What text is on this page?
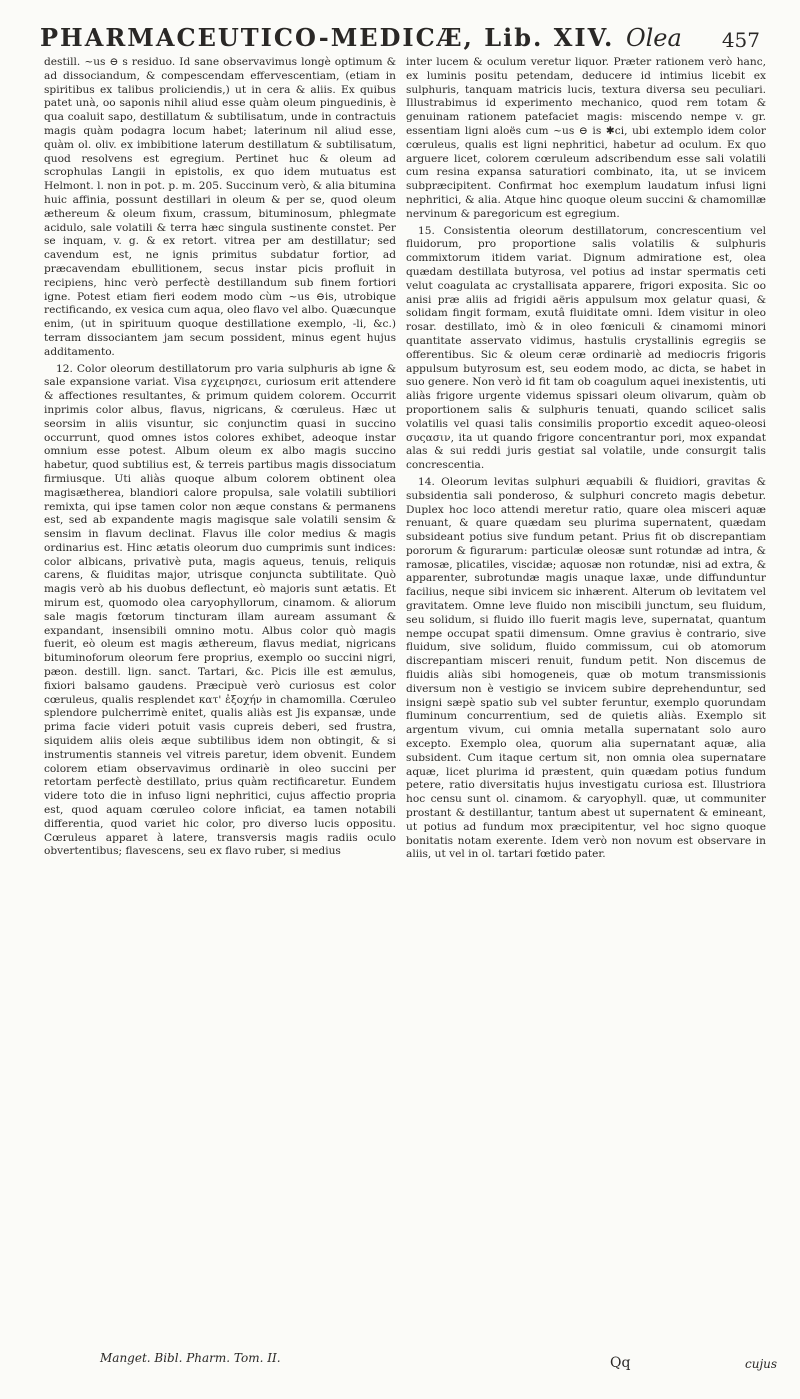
PHARMACEUTICO-MEDICÆ, Lib. XIV. Olea 457

destill. ~us ⊖ s residuo. Id sane observavimus longè optimum & ad dissociandum, & compescendam effervescentiam, (etiam in spiritibus ex talibus proliciendis,) ut in cera & aliis. Ex quibus patet unà, oo saponis nihil aliud esse quàm oleum pinguedinis, è qua coaluit sapo, destillatum & subtilisatum, unde in contractuis magis quàm podagra locum habet; laterinum nil aliud esse, quàm ol. oliv. ex imbibitione laterum destillatum & subtilisatum, quod resolvens est egregium. Pertinet huc & oleum ad scrophulas Langii in epistolis, ex quo idem mutuatus est Helmont. l. non in pot. p. m. 205. Succinum verò, & alia bitumina huic affinia, possunt destillari in oleum & per se, quod oleum æthereum & oleum fixum, crassum, bituminosum, phlegmate acidulo, sale volatili & terra hæc singula sustinente constet. Per se inquam, v. g. & ex retort. vitrea per am destillatur; sed cavendum est, ne ignis primitus subdatur fortior, ad præcavendam ebullitionem, secus instar picis profluit in recipiens, hinc verò perfectè destillandum sub finem fortiori igne. Potest etiam fieri eodem modo cùm ~us ⊖is, utrobique rectificando, ex vesica cum aqua, oleo flavo vel albo. Quæcunque enim, (ut in spirituum quoque destillatione exemplo, -li, &c.) terram dissociantem jam secum possident, minus egent hujus additamento.

12. Color oleorum destillatorum pro varia sulphuris ab igne & sale expansione variat. Visa εγχειρησει, curiosum erit attendere & affectiones resultantes, & primum quidem colorem. Occurrit inprimis color albus, flavus, nigricans, & cœruleus. Hæc ut seorsim in aliis visuntur, sic conjunctim quasi in succino occurrunt, quod omnes istos colores exhibet, adeoque instar omnium esse potest. Album oleum ex albo magis succino habetur, quod subtilius est, & terreis partibus magis dissociatum firmiusque. Uti aliàs quoque album colorem obtinent olea magisætherea, blandiori calore propulsa, sale volatili subtiliori remixta, qui ipse tamen color non æque constans & permanens est, sed ab expandente magis magisque sale volatili sensim & sensim in flavum declinat. Flavus ille color medius & magis ordinarius est. Hinc ætatis oleorum duo cumprimis sunt indices: color albicans, privativè puta, magis aqueus, tenuis, reliquis carens, & fluiditas major, utrisque conjuncta subtilitate. Quò magis verò ab his duobus deflectunt, eò majoris sunt ætatis. Et mirum est, quomodo olea caryophyllorum, cinamom. & aliorum sale magis fœtorum tincturam illam auream assumant & expandant, insensibili omnino motu. Albus color quò magis fuerit, eò oleum est magis æthereum, flavus mediat, nigricans bituminoforum oleorum fere proprius, exemplo oo succini nigri, pæon. destill. lign. sanct. Tartari, &c. Picis ille est æmulus, fixiori balsamo gaudens. Præcipuè verò curiosus est color cœruleus, qualis resplendet κατ' ἐξοχήν in chamomilla. Cœruleo splendore pulcherrimè enitet, qualis aliàs est Jis expansæ, unde prima facie videri potuit vasis cupreis deberi, sed frustra, siquidem aliis oleis æque subtilibus idem non obtingit, & si instrumentis stanneis vel vitreis paretur, idem obvenit. Eundem colorem etiam observavimus ordinariè in oleo succini per retortam perfectè destillato, prius quàm rectificaretur. Eundem videre toto die in infuso ligni nephritici, cujus affectio propria est, quod aquam cœruleo colore inficiat, ea tamen notabili differentia, quod variet hic color, pro diverso lucis oppositu. Cœruleus apparet à latere, transversis magis radiis oculo obvertentibus; flavescens, seu ex flavo ruber, si medius

inter lucem & oculum veretur liquor. Præter rationem verò hanc, ex luminis positu petendam, deducere id intimius licebit ex sulphuris, tanquam matricis lucis, textura diversa seu peculiari. Illustrabimus id experimento mechanico, quod rem totam & genuinam rationem patefaciet magis: miscendo nempe v. gr. essentiam ligni aloës cum ~us ⊖ is ✱ci, ubi extemplo idem color cœruleus, qualis est ligni nephritici, habetur ad oculum. Ex quo arguere licet, colorem cœruleum adscribendum esse sali volatili cum resina expansa saturatiori combinato, ita, ut se invicem subpræcipitent. Confirmat hoc exemplum laudatum infusi ligni nephritici, & alia. Atque hinc quoque oleum succini & chamomillæ nervinum & paregoricum est egregium.

15. Consistentia oleorum destillatorum, concrescentium vel fluidorum, pro proportione salis volatilis & sulphuris commixtorum itidem variat. Dignum admiratione est, olea quædam destillata butyrosa, vel potius ad instar spermatis ceti velut coagulata ac crystallisata apparere, frigori exposita. Sic oo anisi præ aliis ad frigidi aëris appulsum mox gelatur quasi, & solidam fingit formam, exutâ fluiditate omni. Idem visitur in oleo rosar. destillato, imò & in oleo fœniculi & cinamomi minori quantitate asservato vidimus, hastulis crystallinis egregiis se offerentibus. Sic & oleum ceræ ordinariè ad mediocris frigoris appulsum butyrosum est, seu eodem modo, ac dicta, se habet in suo genere. Non verò id fit tam ob coagulum aquei inexistentis, uti aliàs frigore urgente videmus spissari oleum olivarum, quàm ob proportionem salis & sulphuris tenuati, quando scilicet salis volatilis vel quasi talis consimilis proportio excedit aqueo-oleosi συςασιν, ita ut quando frigore concentrantur pori, mox expandat alas & sui reddi juris gestiat sal volatile, unde consurgit talis concrescentia.

14. Oleorum levitas sulphuri æquabili & fluidiori, gravitas & subsidentia sali ponderoso, & sulphuri concreto magis debetur. Duplex hoc loco attendi meretur ratio, quare olea misceri aquæ renuant, & quare quædam seu plurima supernatent, quædam subsideant potius sive fundum petant. Prius fit ob discrepantiam pororum & figurarum: particulæ oleosæ sunt rotundæ ad intra, & ramosæ, plicatiles, viscidæ; aquosæ non rotundæ, nisi ad extra, & apparenter, subrotundæ magis unaque laxæ, unde diffunduntur facilius, neque sibi invicem sic inhærent. Alterum ob levitatem vel gravitatem. Omne leve fluido non miscibili junctum, seu fluidum, seu solidum, si fluido illo fuerit magis leve, supernatat, quantum nempe occupat spatii dimensum. Omne gravius è contrario, sive fluidum, sive solidum, fluido commissum, cui ob atomorum discrepantiam misceri renuit, fundum petit. Non discemus de fluidis aliàs sibi homogeneis, quæ ob motum transmissionis diversum non è vestigio se invicem subire deprehenduntur, sed insigni sæpè spatio sub vel subter feruntur, exemplo quorundam fluminum concurrentium, sed de quietis aliàs. Exemplo sit argentum vivum, cui omnia metalla supernatant solo auro excepto. Exemplo olea, quorum alia supernatant aquæ, alia subsident. Cum itaque certum sit, non omnia olea supernatare aquæ, licet plurima id præstent, quin quædam potius fundum petere, ratio diversitatis hujus investigatu curiosa est. Illustriora hoc censu sunt ol. cinamom. & caryophyll. quæ, ut communiter prostant & destillantur, tantum abest ut supernatent & emineant, ut potius ad fundum mox præcipitentur, vel hoc signo quoque bonitatis notam exerente. Idem verò non novum est observare in aliis, ut vel in ol. tartari fœtido pater.

Manget. Bibl. Pharm. Tom. II.	Qq	cujus
